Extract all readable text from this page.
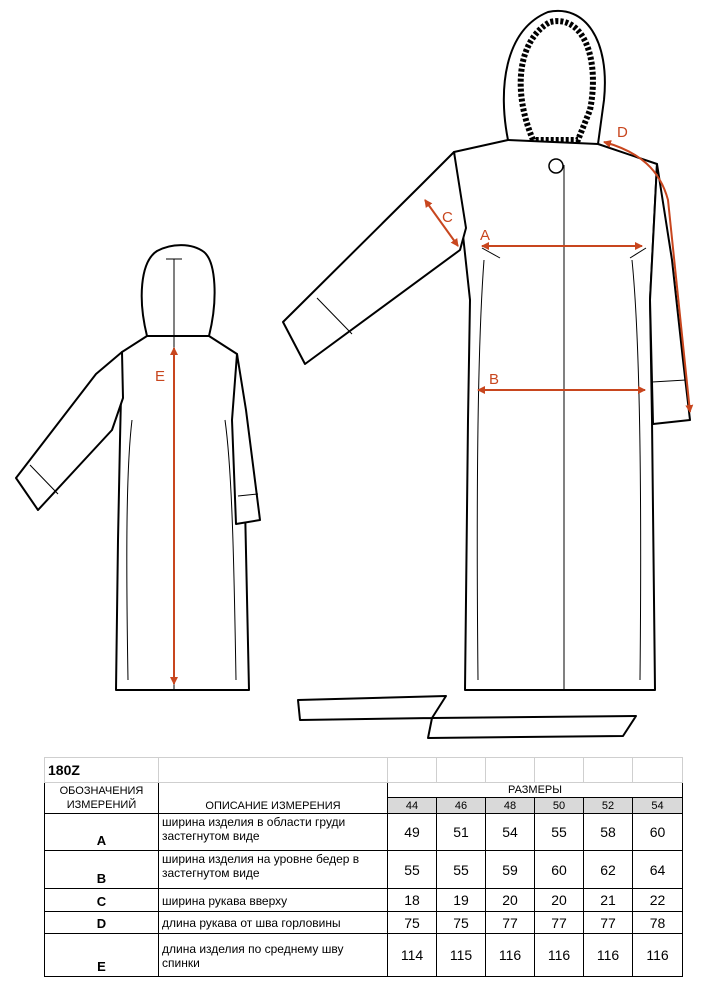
E
A
B
C
D
180Z							
ОБОЗНАЧЕНИЯ ИЗМЕРЕНИЙ	ОПИСАНИЕ ИЗМЕРЕНИЯ	РАЗМЕРЫ					
		44	46	48	50	52	54
A	ширина изделия в области груди застегнутом виде	49	51	54	55	58	60
B	ширина изделия на уровне бедер в застегнутом виде	55	55	59	60	62	64
C	ширина рукава вверху	18	19	20	20	21	22
D	длина рукава от шва горловины	75	75	77	77	77	78
E	длина изделия по среднему шву спинки	114	115	116	116	116	116
